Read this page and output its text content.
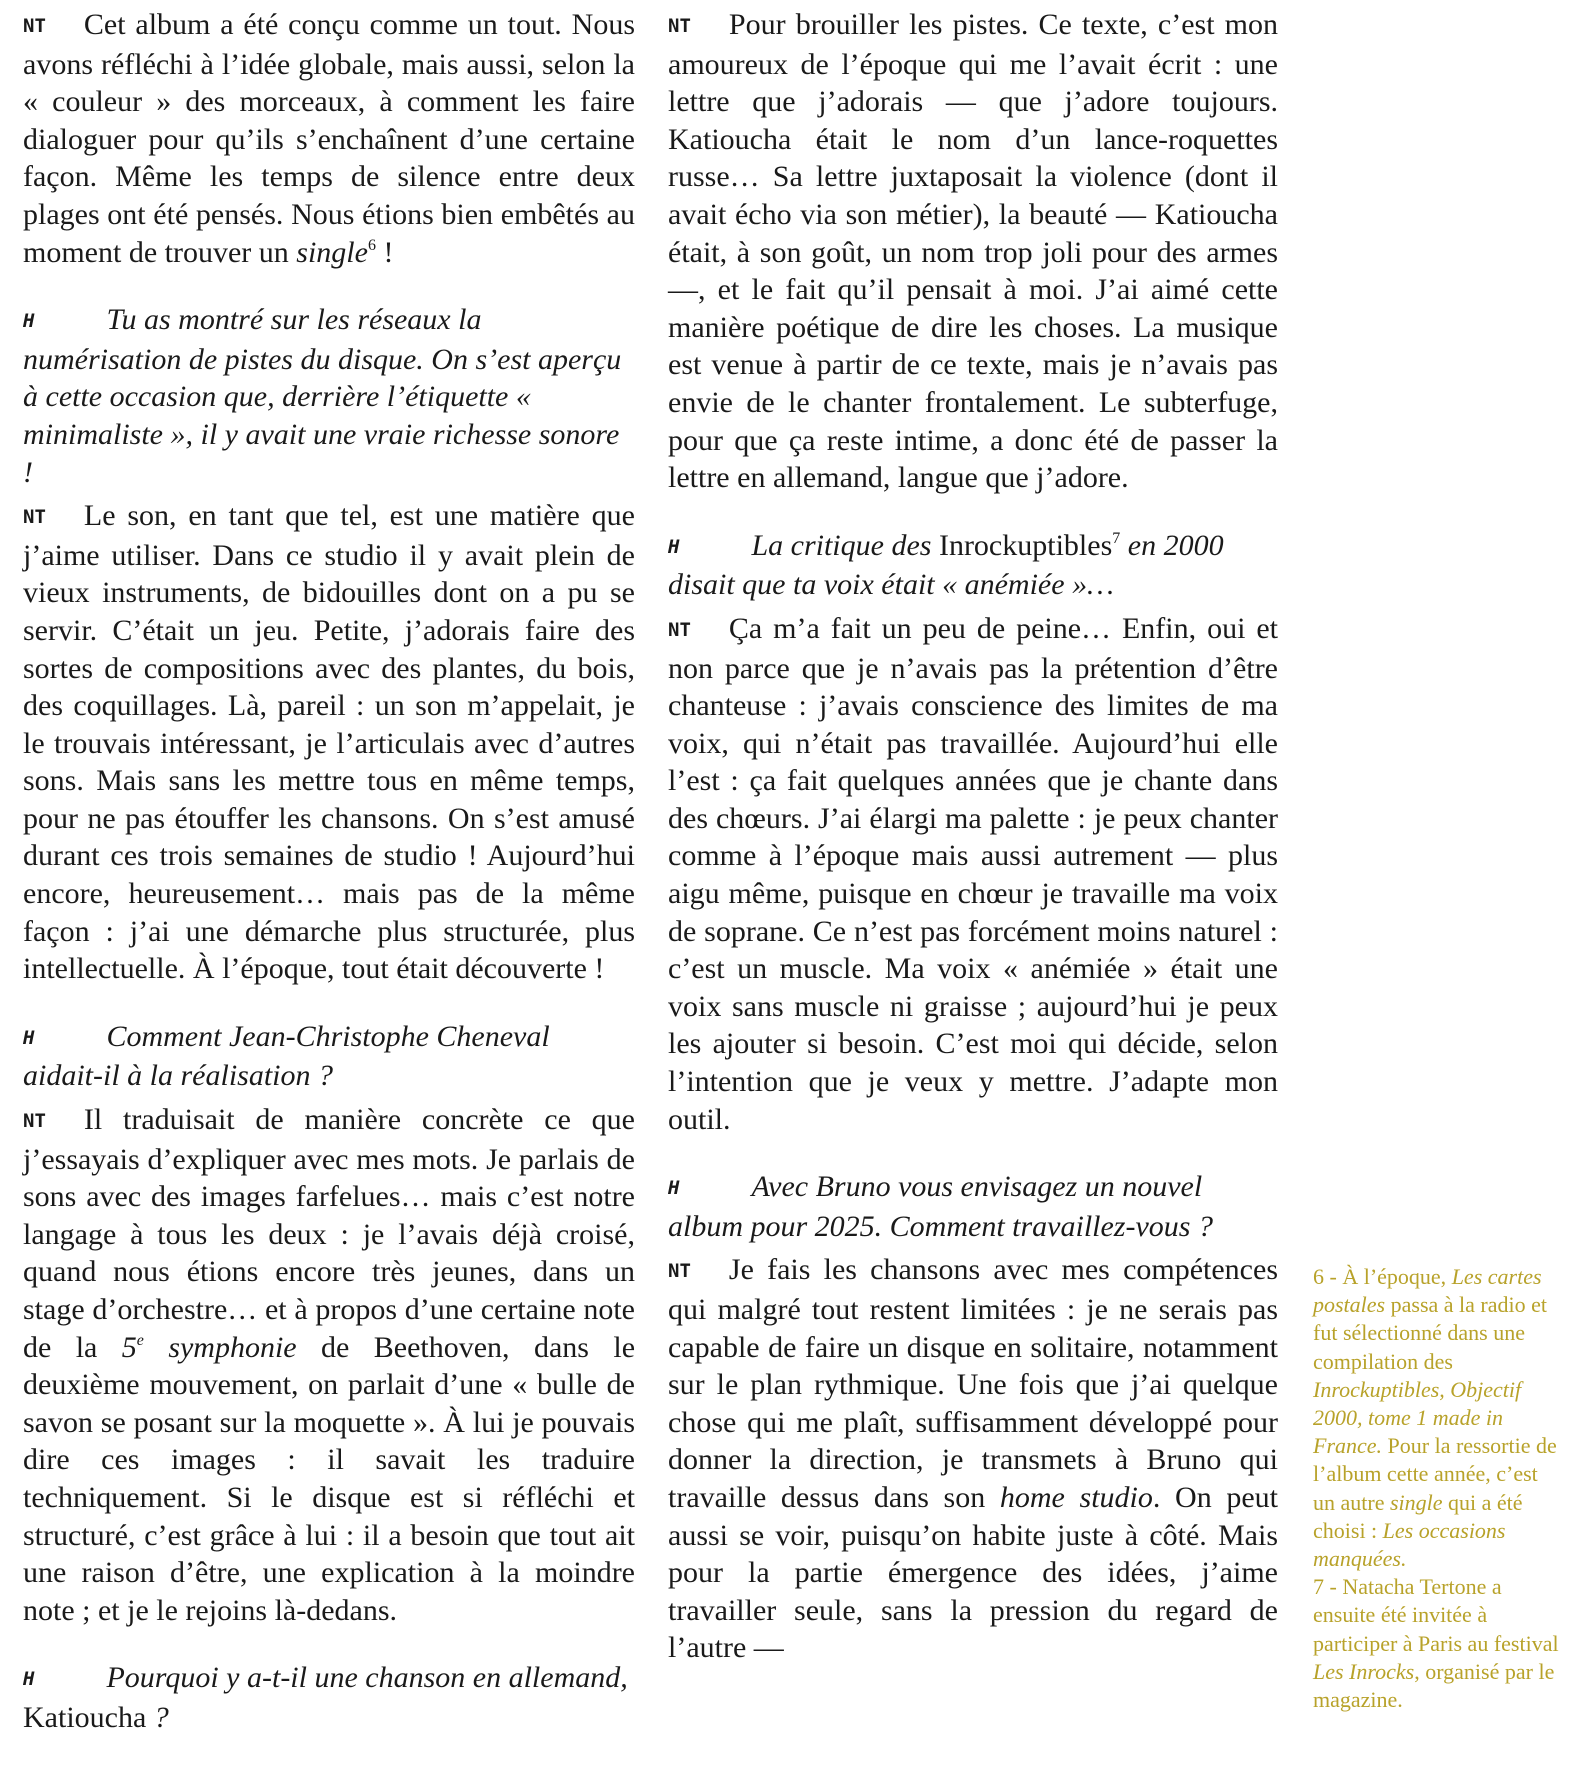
NT Cet album a été conçu comme un tout. Nous avons réfléchi à l’idée globale, mais aussi, selon la « couleur » des morceaux, à comment les faire dialoguer pour qu’ils s’enchaînent d’une certaine façon. Même les temps de silence entre deux plages ont été pensés. Nous étions bien embêtés au moment de trouver un single$^6$ !

H Tu as montré sur les réseaux la numérisation de pistes du disque. On s’est aperçu à cette occasion que, derrière l’étiquette « minimaliste », il y avait une vraie richesse sonore !

NT Le son, en tant que tel, est une matière que j’aime utiliser. Dans ce studio il y avait plein de vieux instruments, de bidouilles dont on a pu se servir. C’était un jeu. Petite, j’adorais faire des sortes de compositions avec des plantes, du bois, des coquillages. Là, pareil : un son m’appelait, je le trouvais intéressant, je l’articulais avec d’autres sons. Mais sans les mettre tous en même temps, pour ne pas étouffer les chansons. On s’est amusé durant ces trois semaines de studio ! Aujourd’hui encore, heureusement… mais pas de la même façon : j’ai une démarche plus structurée, plus intellectuelle. À l’époque, tout était découverte !

H Comment Jean-Christophe Cheneval aidait-il à la réalisation ?

NT Il traduisait de manière concrète ce que j’essayais d’expliquer avec mes mots. Je parlais de sons avec des images farfelues… mais c’est notre langage à tous les deux : je l’avais déjà croisé, quand nous étions encore très jeunes, dans un stage d’orchestre… et à propos d’une certaine note de la 5e symphonie de Beethoven, dans le deuxième mouvement, on parlait d’une « bulle de savon se posant sur la moquette ». À lui je pouvais dire ces images : il savait les traduire techniquement. Si le disque est si réfléchi et structuré, c’est grâce à lui : il a besoin que tout ait une raison d’être, une explication à la moindre note ; et je le rejoins là-dedans.

H Pourquoi y a-t-il une chanson en allemand, Katioucha ?

NT Pour brouiller les pistes. Ce texte, c’est mon amoureux de l’époque qui me l’avait écrit : une lettre que j’adorais — que j’adore toujours. Katioucha était le nom d’un lance-roquettes russe… Sa lettre juxtaposait la violence (dont il avait écho via son métier), la beauté — Katioucha était, à son goût, un nom trop joli pour des armes —, et le fait qu’il pensait à moi. J’ai aimé cette manière poétique de dire les choses. La musique est venue à partir de ce texte, mais je n’avais pas envie de le chanter frontalement. Le subterfuge, pour que ça reste intime, a donc été de passer la lettre en allemand, langue que j’adore.

H La critique des Inrockuptibles$^7$ en 2000 disait que ta voix était « anémiée »…

NT Ça m’a fait un peu de peine… Enfin, oui et non parce que je n’avais pas la prétention d’être chanteuse : j’avais conscience des limites de ma voix, qui n’était pas travaillée. Aujourd’hui elle l’est : ça fait quelques années que je chante dans des chœurs. J’ai élargi ma palette : je peux chanter comme à l’époque mais aussi autrement — plus aigu même, puisque en chœur je travaille ma voix de soprane. Ce n’est pas forcément moins naturel : c’est un muscle. Ma voix « anémiée » était une voix sans muscle ni graisse ; aujourd’hui je peux les ajouter si besoin. C’est moi qui décide, selon l’intention que je veux y mettre. J’adapte mon outil.

H Avec Bruno vous envisagez un nouvel album pour 2025. Comment travaillez-vous ?

NT Je fais les chansons avec mes compétences qui malgré tout restent limitées : je ne serais pas capable de faire un disque en solitaire, notamment sur le plan rythmique. Une fois que j’ai quelque chose qui me plaît, suffisamment développé pour donner la direction, je transmets à Bruno qui travaille dessus dans son home studio. On peut aussi se voir, puisqu’on habite juste à côté. Mais pour la partie émergence des idées, j’aime travailler seule, sans la pression du regard de l’autre —

6 - À l’époque, Les cartes postales passa à la radio et fut sélectionné dans une compilation des Inrockuptibles, Objectif 2000, tome 1 made in France. Pour la ressortie de l’album cette année, c’est un autre single qui a été choisi : Les occasions manquées.

7 - Natacha Tertone a ensuite été invitée à participer à Paris au festival Les Inrocks, organisé par le magazine.
